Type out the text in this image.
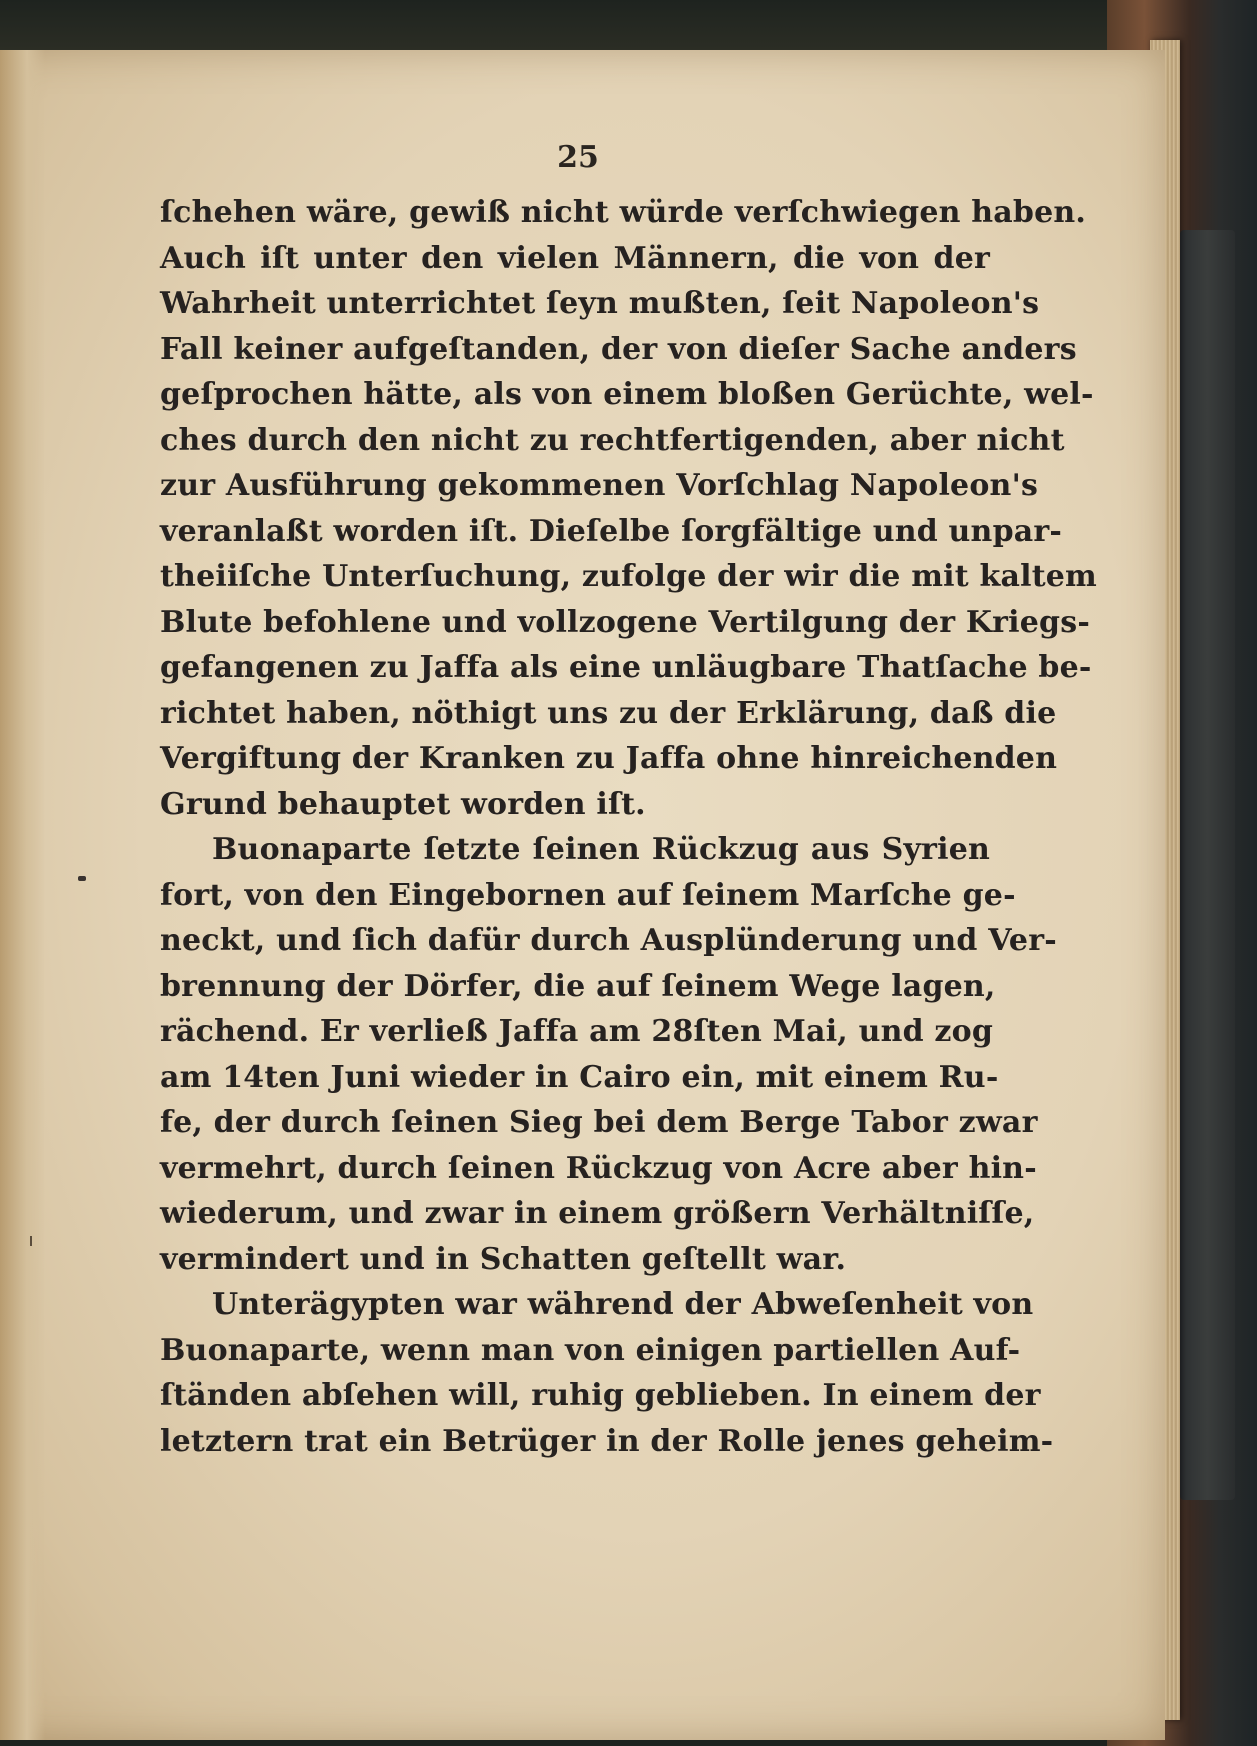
25
ſchehen wäre, gewiß nicht würde verſchwiegen haben.
Auch iſt unter den vielen Männern, die von der
Wahrheit unterrichtet ſeyn mußten, ſeit Napoleon's
Fall keiner aufgeſtanden, der von dieſer Sache anders
geſprochen hätte, als von einem bloßen Gerüchte, wel-
ches durch den nicht zu rechtfertigenden, aber nicht
zur Ausführung gekommenen Vorſchlag Napoleon's
veranlaßt worden iſt. Dieſelbe ſorgfältige und unpar-
theiiſche Unterſuchung, zufolge der wir die mit kaltem
Blute befohlene und vollzogene Vertilgung der Kriegs-
gefangenen zu Jaffa als eine unläugbare Thatſache be-
richtet haben, nöthigt uns zu der Erklärung, daß die
Vergiftung der Kranken zu Jaffa ohne hinreichenden
Grund behauptet worden iſt.
Buonaparte ſetzte ſeinen Rückzug aus Syrien
fort, von den Eingebornen auf ſeinem Marſche ge-
neckt, und ſich dafür durch Ausplünderung und Ver-
brennung der Dörfer, die auf ſeinem Wege lagen,
rächend. Er verließ Jaffa am 28ſten Mai, und zog
am 14ten Juni wieder in Cairo ein, mit einem Ru-
fe, der durch ſeinen Sieg bei dem Berge Tabor zwar
vermehrt, durch ſeinen Rückzug von Acre aber hin-
wiederum, und zwar in einem größern Verhältniſſe,
vermindert und in Schatten geſtellt war.
Unterägypten war während der Abweſenheit von
Buonaparte, wenn man von einigen partiellen Auf-
ſtänden abſehen will, ruhig geblieben. In einem der
letztern trat ein Betrüger in der Rolle jenes geheim-
